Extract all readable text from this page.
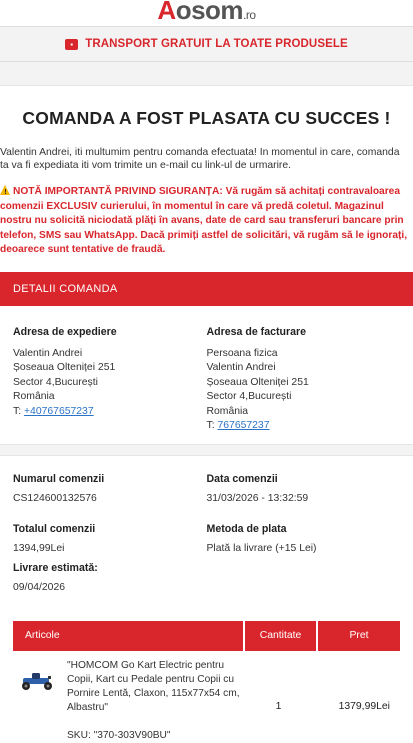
Aosom.ro
▪	TRANSPORT GRATUIT LA TOATE PRODUSELE
COMANDA A FOST PLASATA CU SUCCES !

Valentin Andrei, iti multumim pentru comanda efectuata! In momentul in care, comanda ta va fi expediata iti vom trimite un e-mail cu link-ul de urmarire.

!NOTĂ IMPORTANTĂ PRIVIND SIGURANȚA: Vă rugăm să achitați contravaloarea comenzii EXCLUSIV curierului, în momentul în care vă predă coletul. Magazinul nostru nu solicită niciodată plăți în avans, date de card sau transferuri bancare prin telefon, SMS sau WhatsApp. Dacă primiți astfel de solicitări, vă rugăm să le ignorați, deoarece sunt tentative de fraudă.

DETALII COMANDA
Adresa de expediere
Valentin Andrei
Șoseaua Olteniței 251
Sector 4,București
România
T: +40767657237
Adresa de facturare
Persoana fizica
Valentin Andrei
Șoseaua Olteniței 251
Sector 4,București
România
T: 767657237
Numarul comenzii
CS124600132576
Data comenzii
31/03/2026 - 13:32:59
Totalul comenzii
1394,99Lei
Metoda de plata
Plată la livrare (+15 Lei)
Livrare estimată:
09/04/2026
Articole	Cantitate	Pret
"HOMCOM Go Kart Electric pentru Copii, Kart cu Pedale pentru Copii cu Pornire Lentă, Claxon, 115x77x54 cm, Albastru"
SKU: "370-303V90BU"
1	1379,99Lei
